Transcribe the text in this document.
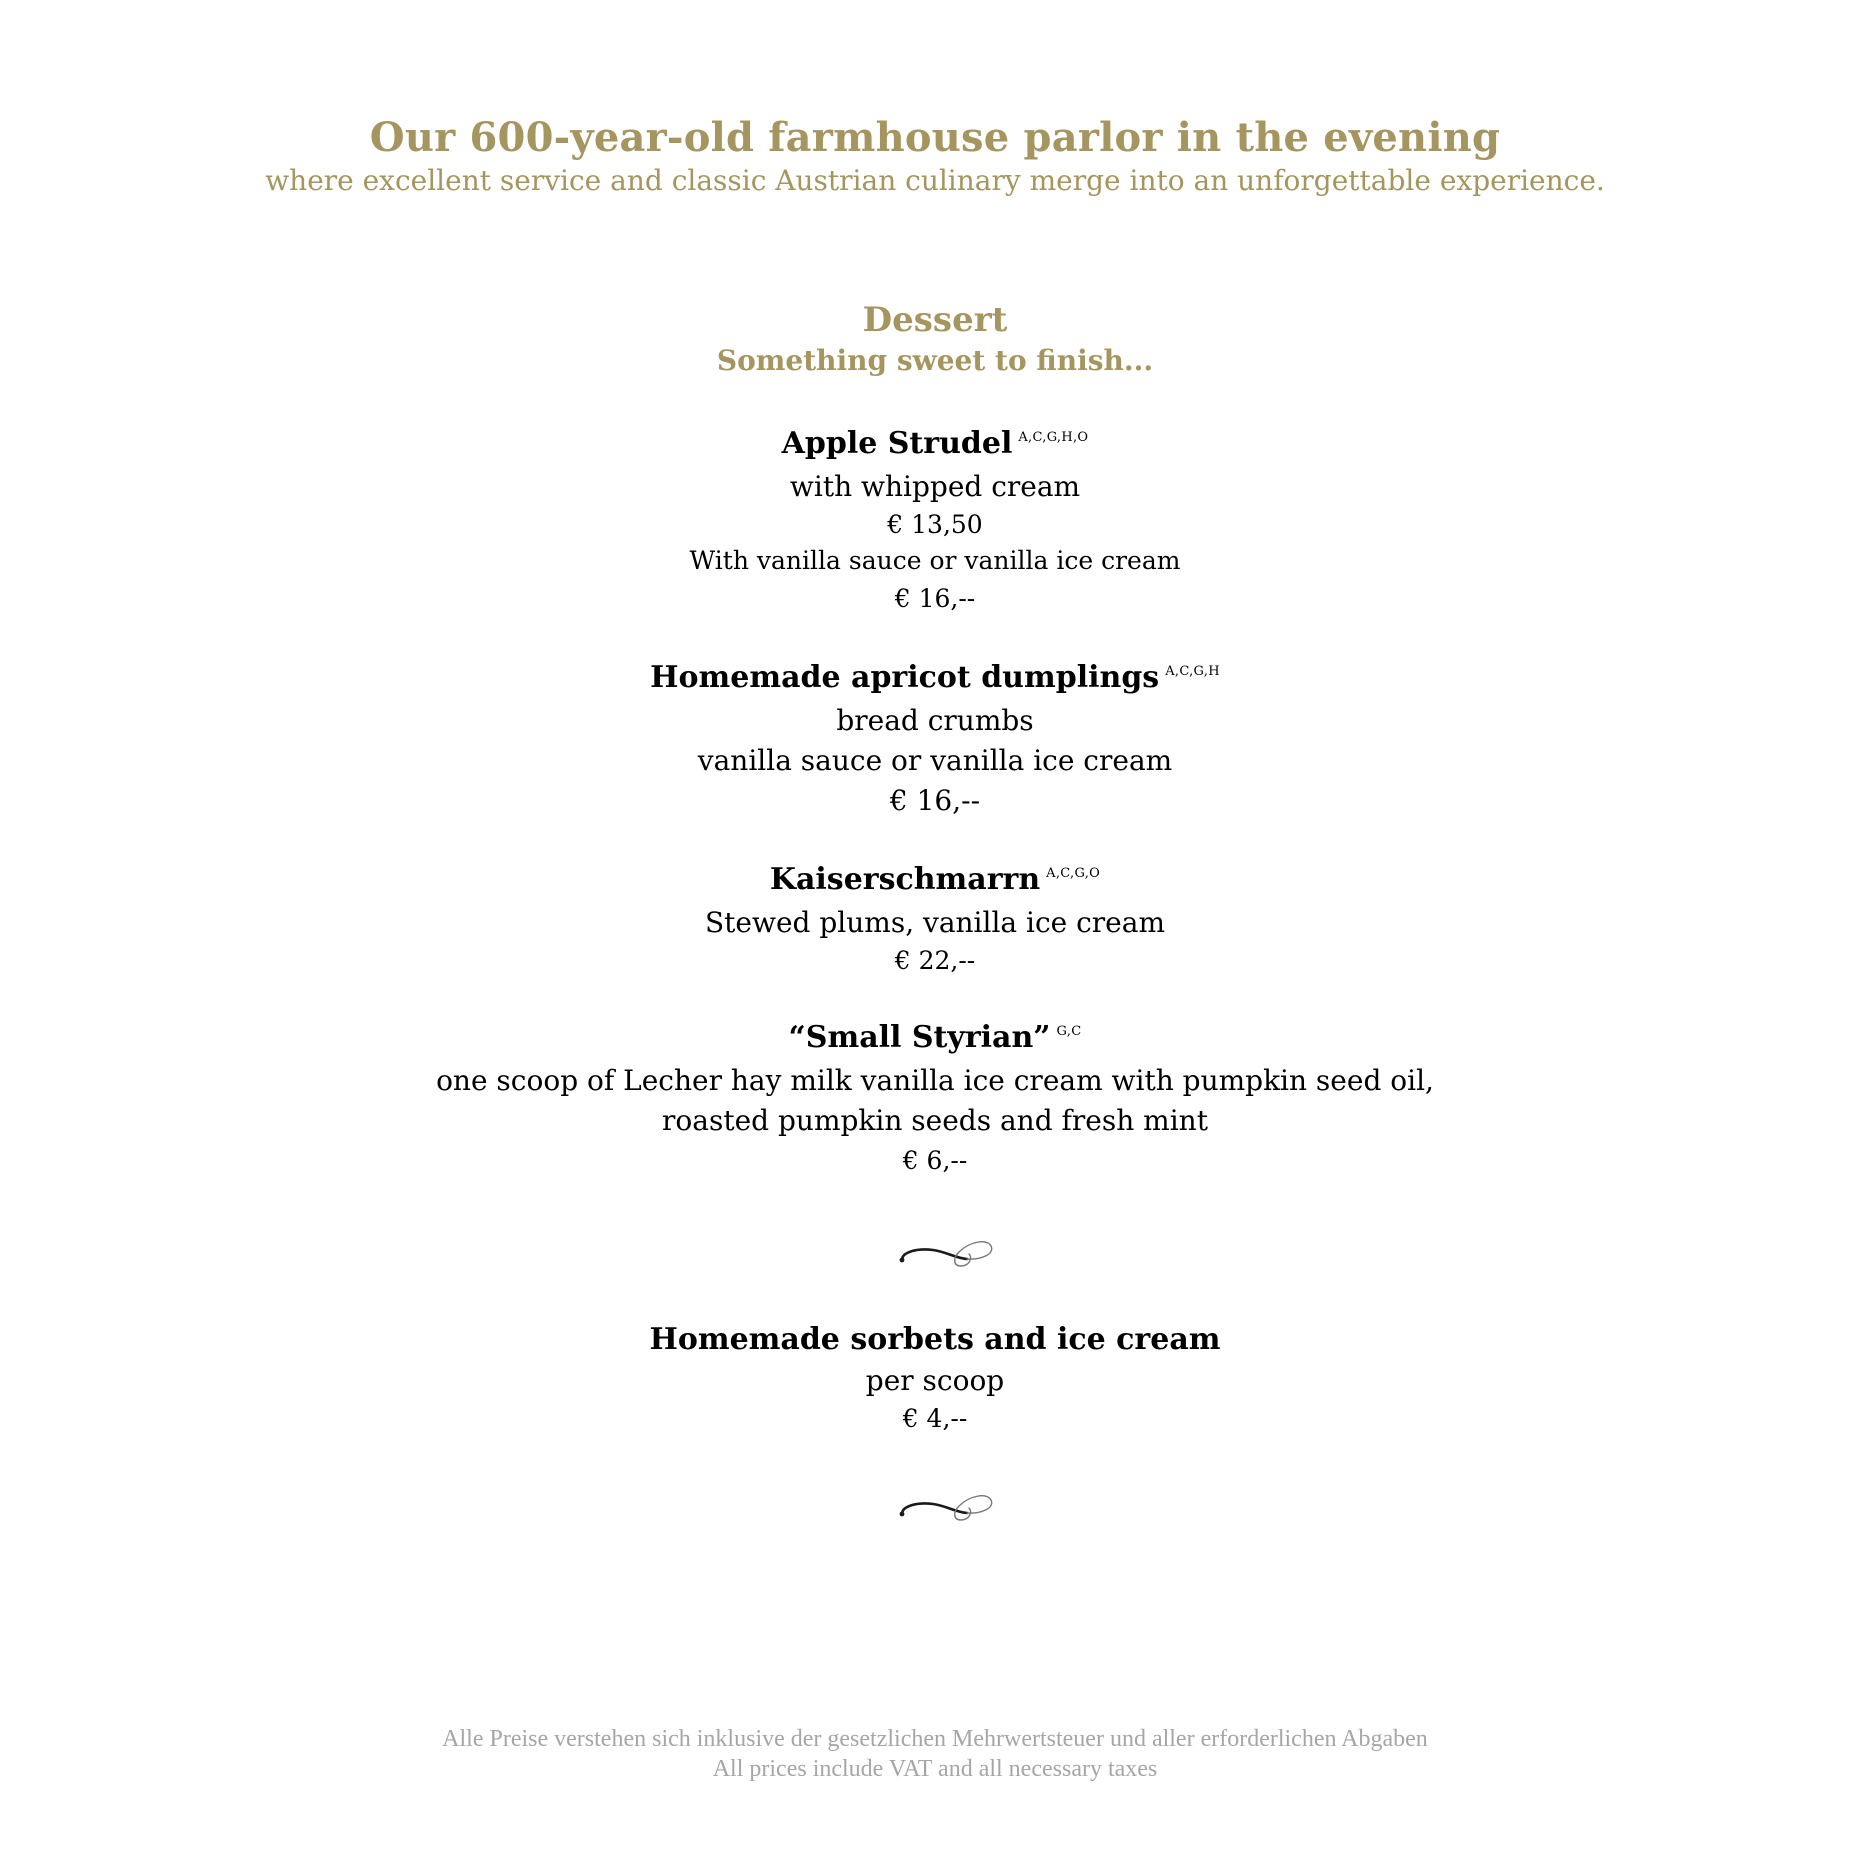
Our 600-year-old farmhouse parlor in the evening
where excellent service and classic Austrian culinary merge into an unforgettable experience.
Dessert
Something sweet to finish...
Apple Strudel $^{A,C,G,H,O}$
with whipped cream
€ 13,50
With vanilla sauce or vanilla ice cream
€ 16,--
Homemade apricot dumplings $^{A,C,G,H}$
bread crumbs
vanilla sauce or vanilla ice cream
€ 16,--
Kaiserschmarrn $^{A,C,G,O}$
Stewed plums, vanilla ice cream
€ 22,--
“Small Styrian” $^{G,C}$
one scoop of Lecher hay milk vanilla ice cream with pumpkin seed oil,
roasted pumpkin seeds and fresh mint
€ 6,--
Homemade sorbets and ice cream
per scoop
€ 4,--
Alle Preise verstehen sich inklusive der gesetzlichen Mehrwertsteuer und aller erforderlichen Abgaben
All prices include VAT and all necessary taxes
